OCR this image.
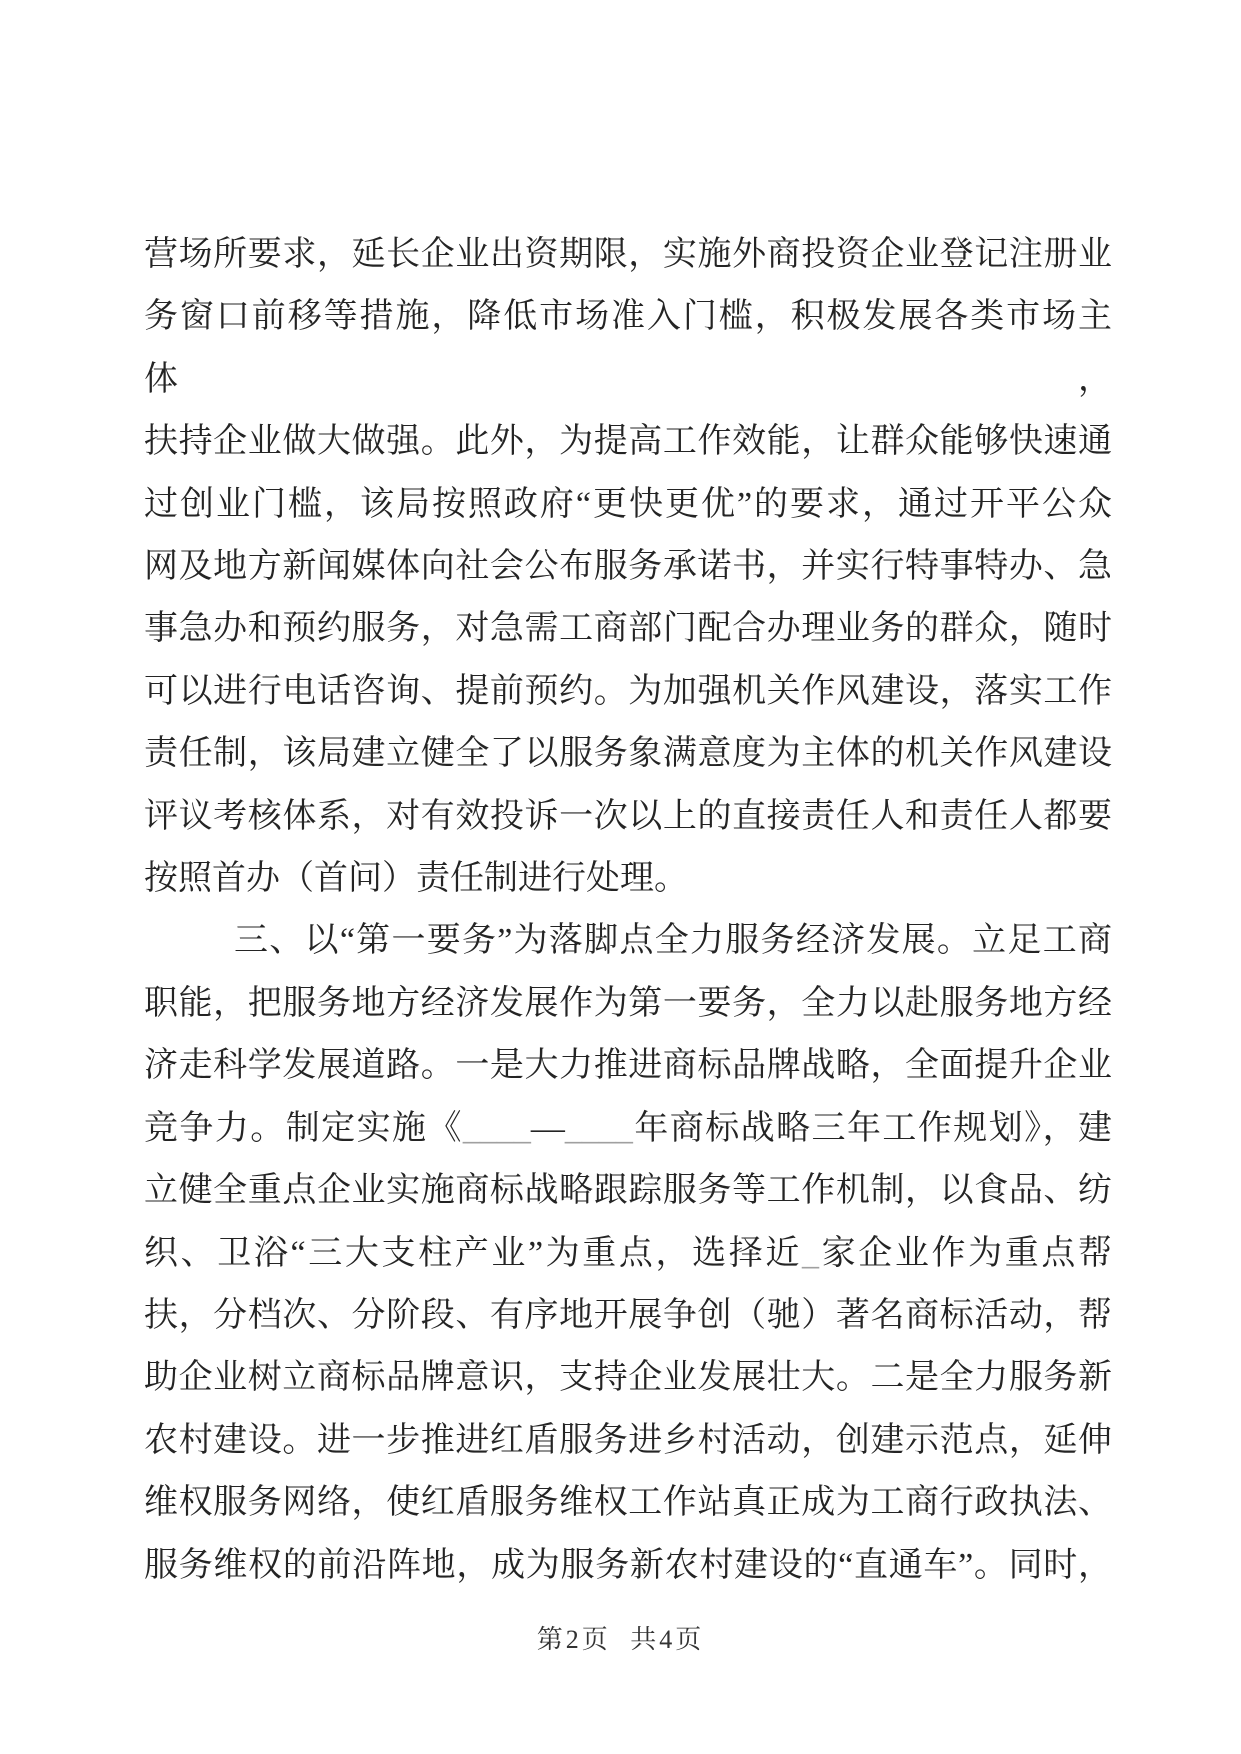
营场所要求，延长企业出资期限，实施外商投资企业登记注册业
务窗口前移等措施，降低市场准入门槛，积极发展各类市场主体，
扶持企业做大做强。此外，为提高工作效能，让群众能够快速通
过创业门槛，该局按照政府“更快更优”的要求，通过开平公众
网及地方新闻媒体向社会公布服务承诺书，并实行特事特办、急
事急办和预约服务，对急需工商部门配合办理业务的群众，随时
可以进行电话咨询、提前预约。为加强机关作风建设，落实工作
责任制，该局建立健全了以服务象满意度为主体的机关作风建设
评议考核体系，对有效投诉一次以上的直接责任人和责任人都要
按照首办（首问）责任制进行处理。
三、以“第一要务”为落脚点全力服务经济发展。立足工商
职能，把服务地方经济发展作为第一要务，全力以赴服务地方经
济走科学发展道路。一是大力推进商标品牌战略，全面提升企业
竞争力。制定实施《____—____年商标战略三年工作规划》，建
立健全重点企业实施商标战略跟踪服务等工作机制，以食品、纺
织、卫浴“三大支柱产业”为重点，选择近_家企业作为重点帮
扶，分档次、分阶段、有序地开展争创（驰）著名商标活动，帮
助企业树立商标品牌意识，支持企业发展壮大。二是全力服务新
农村建设。进一步推进红盾服务进乡村活动，创建示范点，延伸
维权服务网络，使红盾服务维权工作站真正成为工商行政执法、
服务维权的前沿阵地，成为服务新农村建设的“直通车”。同时，
第2页 共4页
